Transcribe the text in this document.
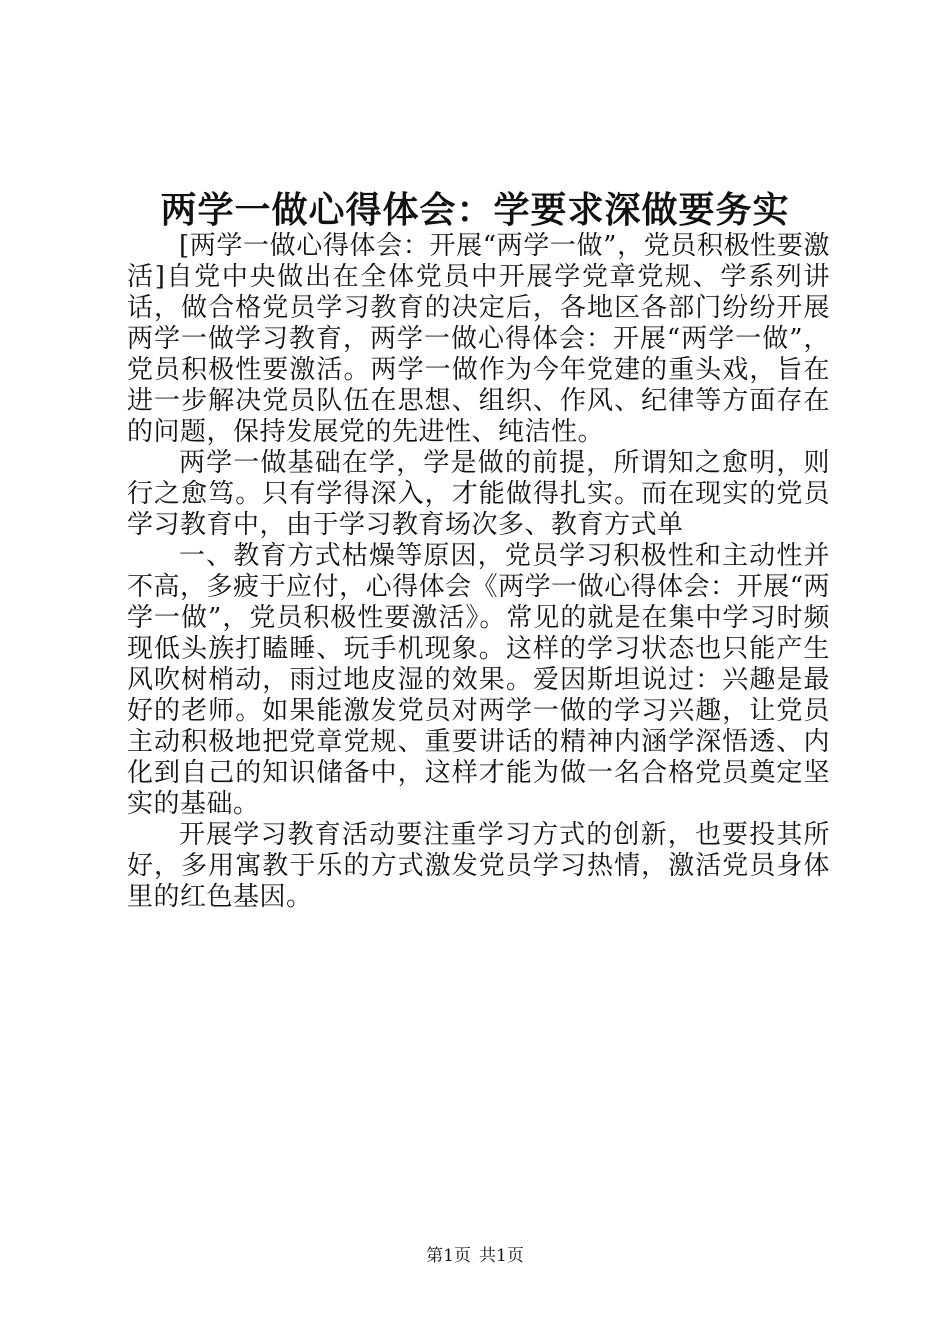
两学一做心得体会：学要求深做要务实

[两学一做心得体会：开展“两学一做”，党员积极性要激活]自党中央做出在全体党员中开展学党章党规、学系列讲话，做合格党员学习教育的决定后，各地区各部门纷纷开展两学一做学习教育，两学一做心得体会：开展“两学一做”，党员积极性要激活。两学一做作为今年党建的重头戏，旨在进一步解决党员队伍在思想、组织、作风、纪律等方面存在的问题，保持发展党的先进性、纯洁性。

两学一做基础在学，学是做的前提，所谓知之愈明，则行之愈笃。只有学得深入，才能做得扎实。而在现实的党员学习教育中，由于学习教育场次多、教育方式单

一、教育方式枯燥等原因，党员学习积极性和主动性并不高，多疲于应付，心得体会《两学一做心得体会：开展“两学一做”，党员积极性要激活》。常见的就是在集中学习时频现低头族打瞌睡、玩手机现象。这样的学习状态也只能产生风吹树梢动，雨过地皮湿的效果。爱因斯坦说过：兴趣是最好的老师。如果能激发党员对两学一做的学习兴趣，让党员主动积极地把党章党规、重要讲话的精神内涵学深悟透、内化到自己的知识储备中，这样才能为做一名合格党员奠定坚实的基础。

开展学习教育活动要注重学习方式的创新，也要投其所好，多用寓教于乐的方式激发党员学习热情，激活党员身体里的红色基因。

第1页 共1页
